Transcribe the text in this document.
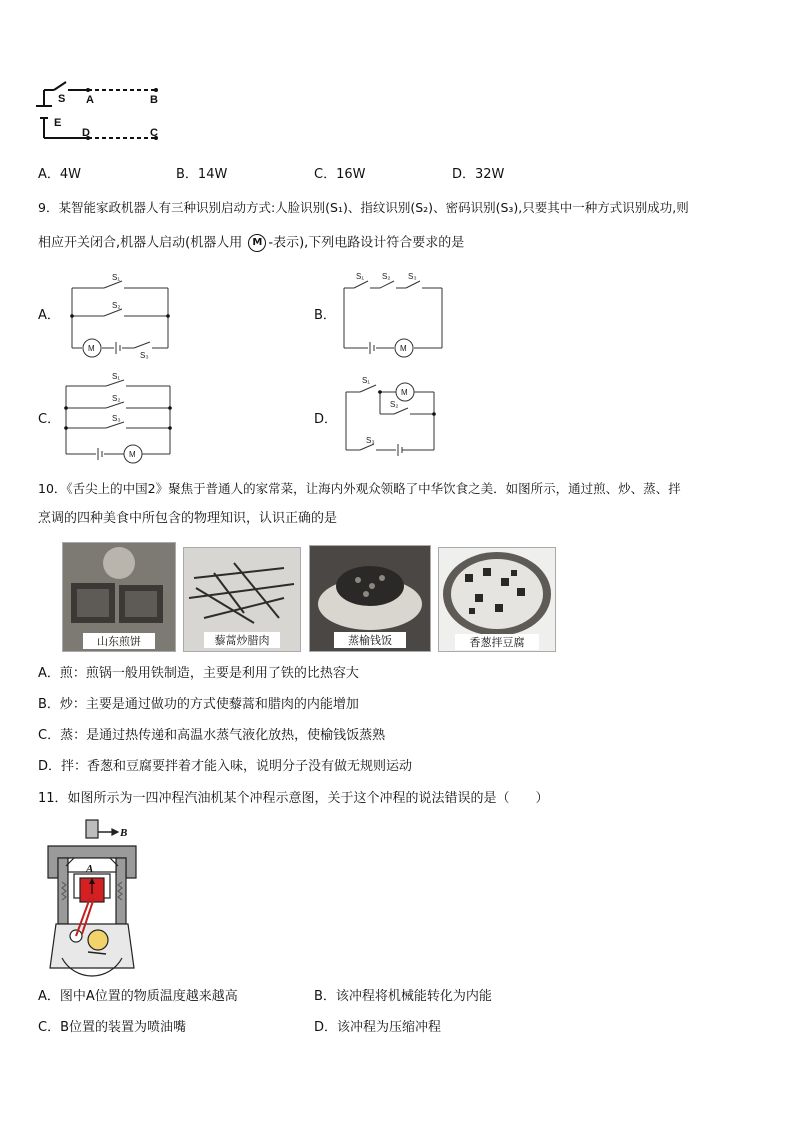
S A	B
E
D	C
A．4W	B．14W	C．16W	D．32W
9．某智能家政机器人有三种识别启动方式:人脸识别(S₁)、指纹识别(S₂)、密码识别(S₃),只要其中一种方式识别成功,则
相应开关闭合,机器人启动(机器人用 M -表示),下列电路设计符合要求的是
A．
M
S₁
S₂
S₃
B．
M
S₁ S₂ S₃
C．
M
S₁
S₂
S₃	D．
M
S₁
S₂
S₃
10．《舌尖上的中国2》聚焦于普通人的家常菜，让海内外观众领略了中华饮食之美．如图所示，通过煎、炒、蒸、拌
烹调的四种美食中所包含的物理知识，认识正确的是
山东煎饼	藜蒿炒腊肉	蒸榆钱饭	香葱拌豆腐
A．煎：煎锅一般用铁制造，主要是利用了铁的比热容大
B．炒：主要是通过做功的方式使藜蒿和腊肉的内能增加
C．蒸：是通过热传递和高温水蒸气液化放热，使榆钱饭蒸熟
D．拌：香葱和豆腐要拌着才能入味，说明分子没有做无规则运动
11．如图所示为一四冲程汽油机某个冲程示意图，关于这个冲程的说法错误的是（　　）
A
B
A．图中A位置的物质温度越来越高	B．该冲程将机械能转化为内能
C．B位置的装置为喷油嘴	D．该冲程为压缩冲程
